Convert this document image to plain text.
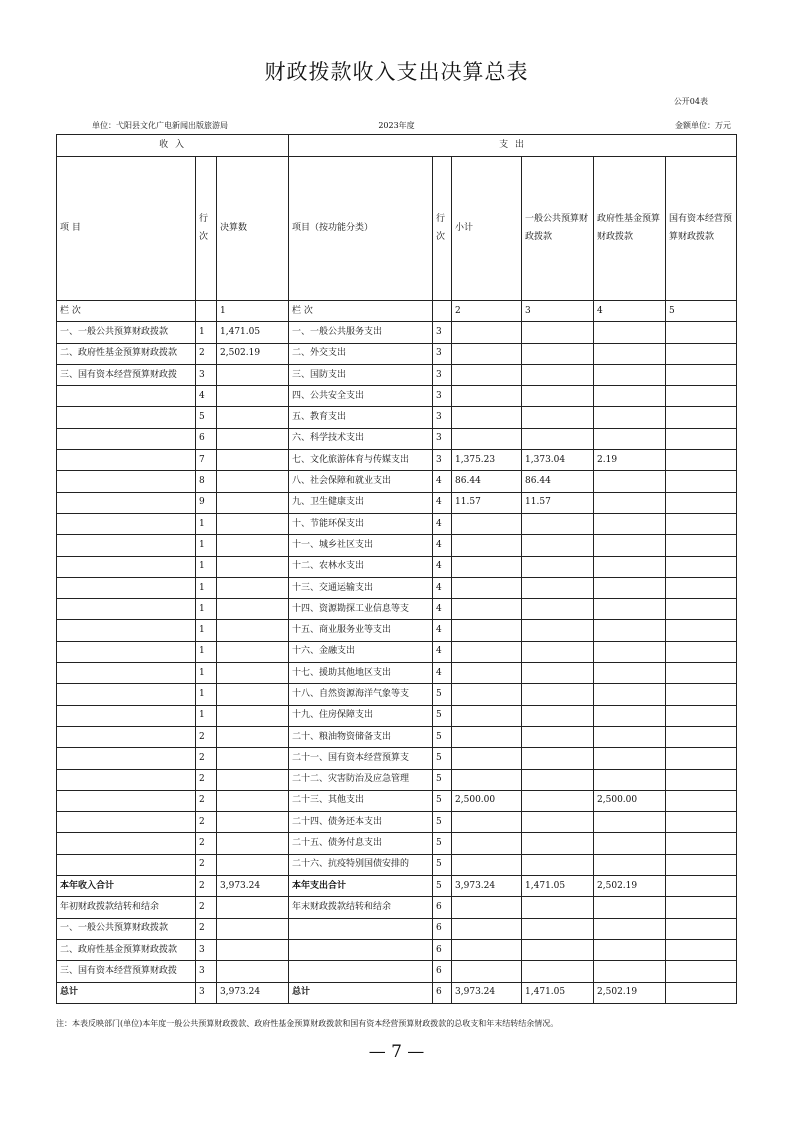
财政拨款收入支出决算总表
公开04表
单位：弋阳县文化广电新闻出版旅游局	2023年度	金额单位：万元
收 入			支 出					
项 目	行次	决算数	项目（按功能分类）	行次	小计	一般公共预算财政拨款	政府性基金预算财政拨款	国有资本经营预算财政拨款
栏 次		1	栏 次		2	3	4	5
一、一般公共预算财政拨款	1	1,471.05	一、一般公共服务支出	3				
二、政府性基金预算财政拨款	2	2,502.19	二、外交支出	3				
三、国有资本经营预算财政拨	3		三、国防支出	3				
	4		四、公共安全支出	3				
	5		五、教育支出	3				
	6		六、科学技术支出	3				
	7		七、文化旅游体育与传媒支出	3	1,375.23	1,373.04	2.19	
	8		八、社会保障和就业支出	4	86.44	86.44		
	9		九、卫生健康支出	4	11.57	11.57		
	1		十、节能环保支出	4				
	1		十一、城乡社区支出	4				
	1		十二、农林水支出	4				
	1		十三、交通运输支出	4				
	1		十四、资源勘探工业信息等支	4				
	1		十五、商业服务业等支出	4				
	1		十六、金融支出	4				
	1		十七、援助其他地区支出	4				
	1		十八、自然资源海洋气象等支	5				
	1		十九、住房保障支出	5				
	2		二十、粮油物资储备支出	5				
	2		二十一、国有资本经营预算支	5				
	2		二十二、灾害防治及应急管理	5				
	2		二十三、其他支出	5	2,500.00		2,500.00	
	2		二十四、债务还本支出	5				
	2		二十五、债务付息支出	5				
	2		二十六、抗疫特别国债安排的	5				
本年收入合计	2	3,973.24	本年支出合计	5	3,973.24	1,471.05	2,502.19	
年初财政拨款结转和结余	2		年末财政拨款结转和结余	6				
一、一般公共预算财政拨款	2			6				
二、政府性基金预算财政拨款	3			6				
三、国有资本经营预算财政拨	3			6				
总计	3	3,973.24	总计	6	3,973.24	1,471.05	2,502.19	
注：本表反映部门(单位)本年度一般公共预算财政拨款、政府性基金预算财政拨款和国有资本经营预算财政拨款的总收支和年末结转结余情况。
— 7 —
